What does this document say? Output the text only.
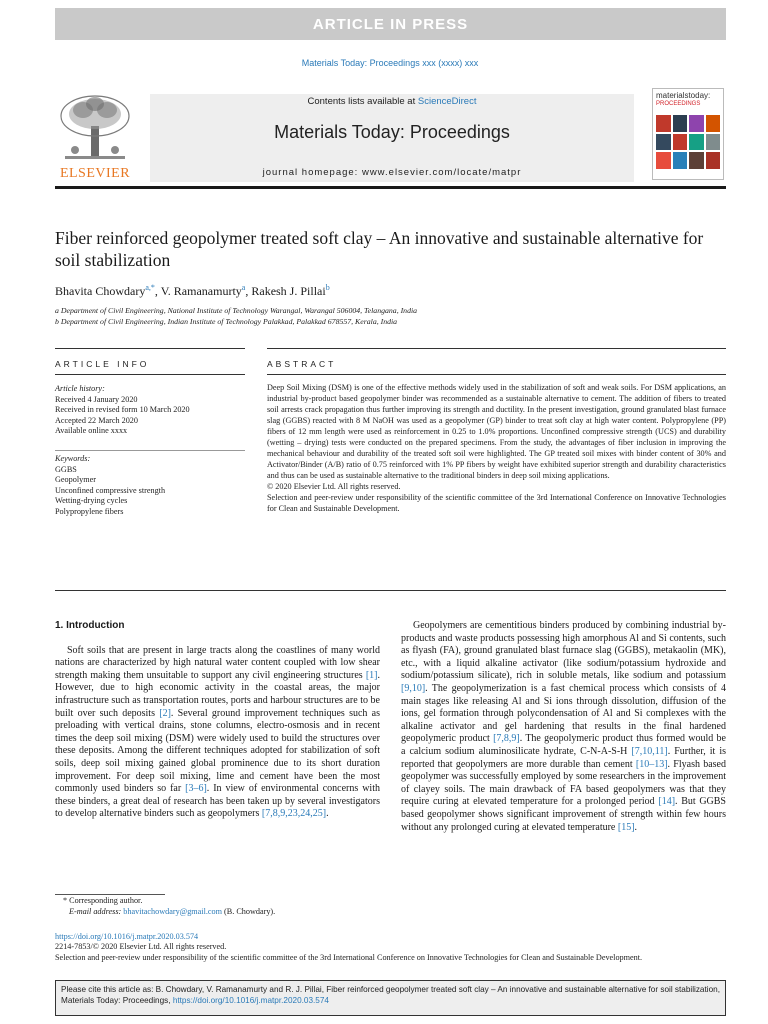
ARTICLE IN PRESS
Materials Today: Proceedings xxx (xxxx) xxx
ELSEVIER
Contents lists available at ScienceDirect
Materials Today: Proceedings
journal homepage: www.elsevier.com/locate/matpr
materialstoday:
PROCEEDINGS
Fiber reinforced geopolymer treated soft clay – An innovative and sustainable alternative for soil stabilization
Bhavita Chowdary$^{a,*}$, V. Ramanamurty$^a$, Rakesh J. Pillai$^b$
a Department of Civil Engineering, National Institute of Technology Warangal, Warangal 506004, Telangana, India
b Department of Civil Engineering, Indian Institute of Technology Palakkad, Palakkad 678557, Kerala, India
ARTICLE INFO	ABSTRACT
Article history:
Received 4 January 2020
Received in revised form 10 March 2020
Accepted 22 March 2020
Available online xxxx
Keywords:
GGBS
Geopolymer
Unconfined compressive strength
Wetting-drying cycles
Polypropylene fibers

Deep Soil Mixing (DSM) is one of the effective methods widely used in the stabilization of soft and weak soils. For DSM applications, an industrial by-product based geopolymer binder was recommended as a sustainable alternative to cement. The addition of fibers to treated soil arrests crack propagation thus further improving its strength and ductility. In the present investigation, ground granulated blast furnace slag (GGBS) reacted with 8 M NaOH was used as a geopolymer (GP) binder to treat soft clay at high water content. Polypropylene (PP) fibers of 12 mm length were used as reinforcement in 0.25 to 1.0% proportions. Unconfined compressive strength (UCS) and durability (wetting – drying) tests were conducted on the prepared specimens. From the study, the advantages of fiber inclusion in improving the mechanical behaviour and durability of the treated soft soil were highlighted. The GP treated soil mixes with binder content of 30% and Activator/Binder (A/B) ratio of 0.75 reinforced with 1% PP fibers by weight have exhibited superior strength and durability characteristics and thus can be used as sustainable alternative to the traditional binders in deep soil mixing applications.

© 2020 Elsevier Ltd. All rights reserved.

Selection and peer-review under responsibility of the scientific committee of the 3rd International Conference on Innovative Technologies for Clean and Sustainable Development.

1. Introduction

Soft soils that are present in large tracts along the coastlines of many world nations are characterized by high natural water content coupled with low shear strength making them unsuitable to support any civil engineering structures [1]. However, due to high economic activity in the coastal areas, the major infrastructure such as transportation routes, ports and harbour structures are to be built over such deposits [2]. Several ground improvement techniques such as preloading with vertical drains, stone columns, electro-osmosis and in recent times the deep soil mixing (DSM) were widely used to build the structures over these deposits. Among the different techniques adopted for stabilization of soft soils, deep soil mixing gained global prominence due to its short duration improvement. For deep soil mixing, lime and cement have been the most commonly used binders so far [3–6]. In view of environmental concerns with these binders, a great deal of research has been taken up by several investigators to develop alternative binders such as geopolymers [7,8,9,23,24,25].

Geopolymers are cementitious binders produced by combining industrial by-products and waste products possessing high amorphous Al and Si contents, such as flyash (FA), ground granulated blast furnace slag (GGBS), metakaolin (MK), etc., with a liquid alkaline activator (like sodium/potassium hydroxide and sodium/potassium silicate), rich in soluble metals, like sodium and potassium [9,10]. The geopolymerization is a fast chemical process which consists of 4 main stages like releasing Al and Si ions through dissolution, diffusion of the ions, gel formation through polycondensation of Al and Si complexes with the alkaline activator and gel hardening that results in the final hardened geopolymeric product [7,8,9]. The geopolymeric product thus formed would be a calcium sodium aluminosilicate hydrate, C-N-A-S-H [7,10,11]. Further, it is reported that geopolymers are more durable than cement [10–13]. Flyash based geopolymer was successfully employed by some researchers in the improvement of clayey soils. The main drawback of FA based geopolymers was that they require curing at elevated temperature for a prolonged period [14]. But GGBS based geopolymer shows significant improvement of strength within few hours without any prolonged curing at elevated temperature [15].

* Corresponding author.
E-mail address: bhavitachowdary@gmail.com (B. Chowdary).
https://doi.org/10.1016/j.matpr.2020.03.574
2214-7853/© 2020 Elsevier Ltd. All rights reserved.
Selection and peer-review under responsibility of the scientific committee of the 3rd International Conference on Innovative Technologies for Clean and Sustainable Development.
Please cite this article as: B. Chowdary, V. Ramanamurty and R. J. Pillai, Fiber reinforced geopolymer treated soft clay – An innovative and sustainable alternative for soil stabilization, Materials Today: Proceedings, https://doi.org/10.1016/j.matpr.2020.03.574
